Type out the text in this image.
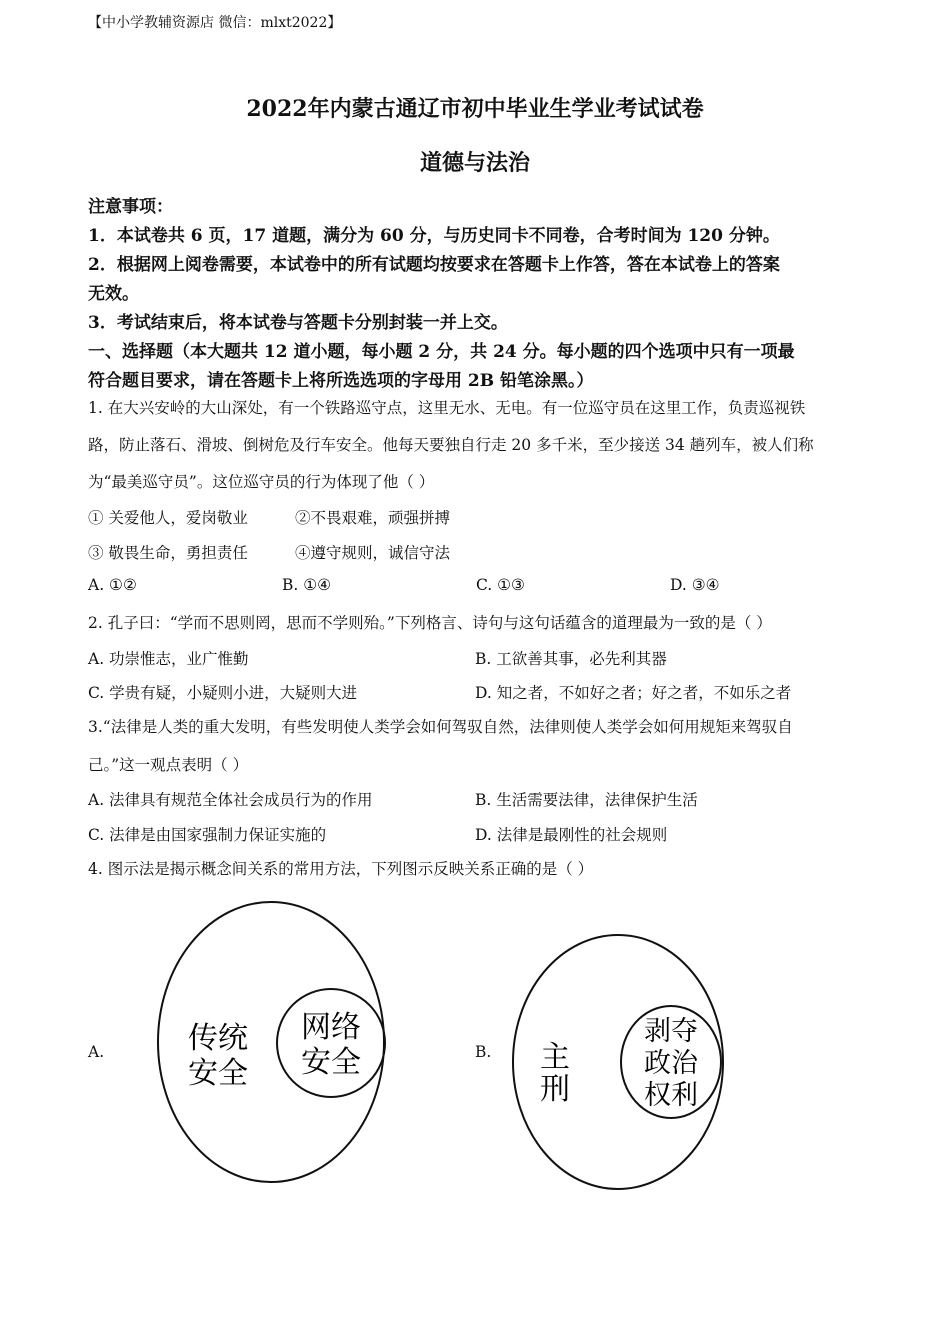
【中小学教辅资源店 微信：mlxt2022】
2022年内蒙古通辽市初中毕业生学业考试试卷
道德与法治
注意事项：
1．本试卷共 6 页，17 道题，满分为 60 分，与历史同卡不同卷，合考时间为 120 分钟。
2．根据网上阅卷需要，本试卷中的所有试题均按要求在答题卡上作答，答在本试卷上的答案
无效。
3．考试结束后，将本试卷与答题卡分别封装一并上交。
一、选择题（本大题共 12 道小题，每小题 2 分，共 24 分。每小题的四个选项中只有一项最
符合题目要求，请在答题卡上将所选选项的字母用 2B 铅笔涂黑。）
1. 在大兴安岭的大山深处，有一个铁路巡守点，这里无水、无电。有一位巡守员在这里工作，负责巡视铁
路，防止落石、滑坡、倒树危及行车安全。他每天要独自行走 20 多千米，至少接送 34 趟列车，被人们称
为“最美巡守员”。这位巡守员的行为体现了他（ ）
① 关爱他人，爱岗敬业	②不畏艰难，顽强拼搏
③ 敬畏生命，勇担责任	④遵守规则，诚信守法
A. ①②	B. ①④	C. ①③	D. ③④
2. 孔子曰：“学而不思则罔，思而不学则殆。”下列格言、诗句与这句话蕴含的道理最为一致的是（ ）
A. 功崇惟志，业广惟勤	B. 工欲善其事，必先利其器
C. 学贵有疑，小疑则小进，大疑则大进	D. 知之者，不如好之者；好之者，不如乐之者
3.“法律是人类的重大发明，有些发明使人类学会如何驾驭自然，法律则使人类学会如何用规矩来驾驭自
己。”这一观点表明（ ）
A. 法律具有规范全体社会成员行为的作用	B. 生活需要法律，法律保护生活
C. 法律是由国家强制力保证实施的	D. 法律是最刚性的社会规则
4. 图示法是揭示概念间关系的常用方法，下列图示反映关系正确的是（ ）
A.	B.
传统
安全
网络
安全	主
刑
剥夺
政治
权利
